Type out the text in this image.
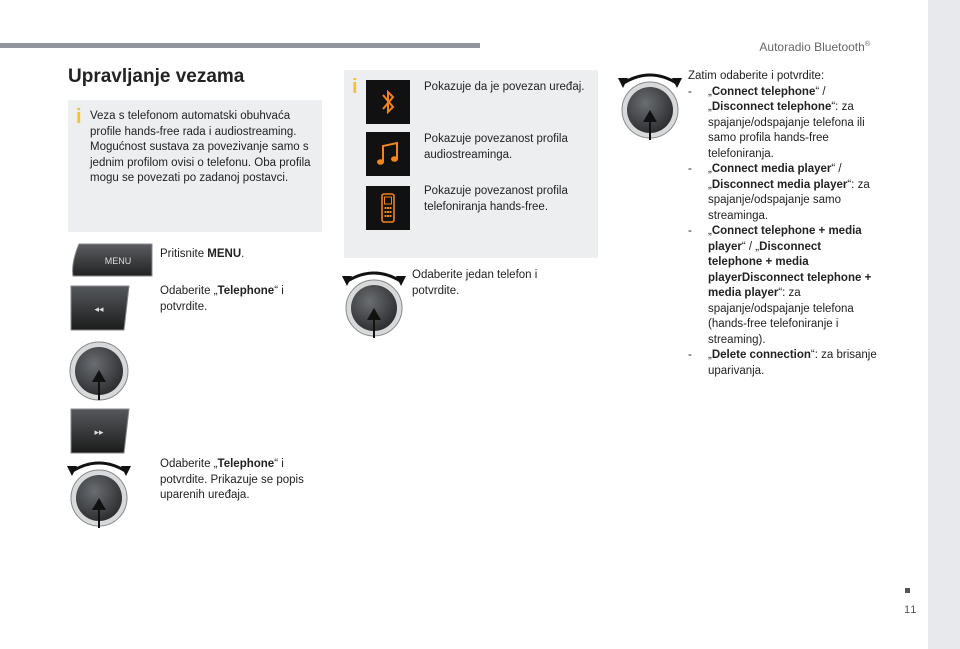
Autoradio Bluetooth®
11
Upravljanje vezama
i Veza s telefonom automatski obuhvaća profile hands-free rada i audiostreaming. Mogućnost sustava za povezivanje samo s jednim profilom ovisi o telefonu. Oba profila mogu se povezati po zadanoj postavci.
MENU
Pritisnite MENU.
◂◂
Odaberite „Telephone“ i potvrdite.
▸▸
Odaberite „Telephone“ i potvrdite. Prikazuje se popis uparenih uređaja.
i	Pokazuje da je povezan uređaj.
Pokazuje povezanost profila audiostreaminga.
Pokazuje povezanost profila telefoniranja hands-free.
Odaberite jedan telefon i potvrdite.
Zatim odaberite i potvrdite:
- „Connect telephone“ / „Disconnect telephone“: za spajanje/odspajanje telefona ili samo profila hands-free telefoniranja.
- „Connect media player“ / „Disconnect media player“: za spajanje/odspajanje samo streaminga.
- „Connect telephone + media player“ / „Disconnect telephone + media playerDisconnect telephone + media player“: za spajanje/odspajanje telefona (hands-free telefoniranje i streaming).
- „Delete connection“: za brisanje uparivanja.
